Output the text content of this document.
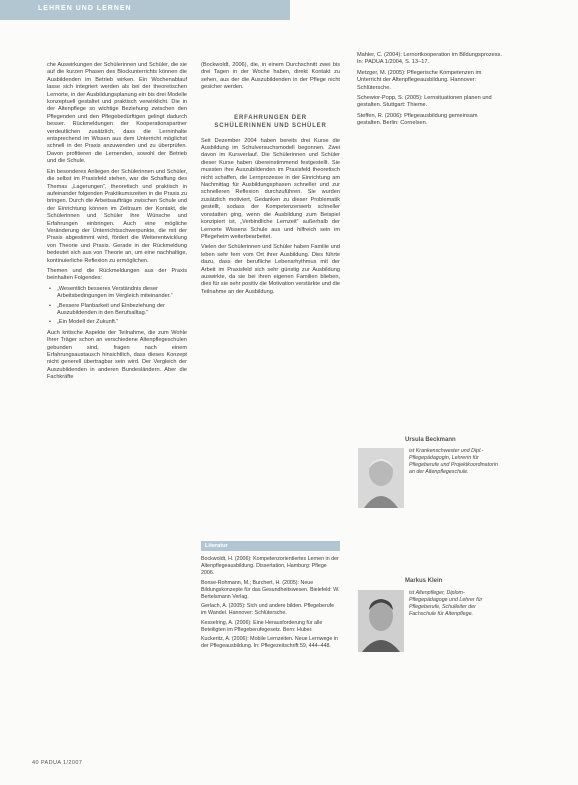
LEHREN UND LERNEN

che Auswirkungen der Schülerinnen und Schüler, die sie auf die kurzen Phasen des Blockunterrichts können die Ausbildenden im Betrieb wirken. Ein Wochenablauf lasse sich integriert werden als bei der theoretischen Lernorte, in der Ausbildungsplanung ein bis drei Modelle konzeptuell gestaltet und praktisch verwirklicht. Die in der Altenpflege so wichtige Beziehung zwischen den Pflegenden und den Pflegebedürftigen gelingt dadurch besser. Rückmeldungen der Kooperationspartner verdeutlichen zusätzlich, dass die Lerninhalte entsprechend im Wissen aus dem Unterricht möglichst schnell in der Praxis anzuwenden und zu überprüfen. Davon profitieren die Lernenden, sowohl der Betrieb und die Schule.

Ein besonderes Anliegen der Schülerinnen und Schüler, die selbst im Praxisfeld stehen, war die Schaffung des Themas „Lagerungen“, theoretisch und praktisch in aufeinander folgenden Praktikumszeiten in die Praxis zu bringen. Durch die Arbeitsaufträge zwischen Schule und der Einrichtung können im Zeitraum der Kontakt, die Schülerinnen und Schüler ihre Wünsche und Erfahrungen einbringen. Auch eine mögliche Veränderung der Unterrichtsschwerpunkte, die mit der Praxis abgestimmt wird, fördert die Weiterentwicklung von Theorie und Praxis. Gerade in der Rückmeldung bedeutet sich aus von Theorie an, um eine nachhaltige, kontinuierliche Reflexion zu ermöglichen.

Themen und die Rückmeldungen aus der Praxis beinhalten Folgendes:

• „Wesentlich besseres Verständnis dieser Arbeitsbedingungen im Vergleich miteinander.“
• „Bessere Planbarkeit und Einbeziehung der Auszubildenden in den Berufsalltag.“
• „Ein Modell der Zukunft.“

Auch kritische Aspekte der Teilnahme, die zum Wohle Ihrer Träger schon an verschiedene Altenpflegeschulen gebunden sind, fragen nach einem Erfahrungsaustausch hinsichtlich, dass dieses Konzept nicht generell übertragbar sein wird. Der Vergleich der Auszubildenden in anderen Bundesländern. Aber die Fachkräfte

(Bockwoldt, 2006), die, in einem Durchschnitt zwei bis drei Tagen in der Woche haben, direkt Kontakt zu sehen, aus der die Auszubildenden in der Pflege nicht gesicher werden.

ERFAHRUNGEN DER
SCHÜLERINNEN UND SCHÜLER

Seit Dezember 2004 haben bereits drei Kurse die Ausbildung im Schulversuchsmodell begonnen. Zwei davon im Kursverlauf. Die Schülerinnen und Schüler dieser Kurse haben übereinstimmend festgestellt. Sie mussten ihre Auszubildenden im Praxisfeld theoretisch nicht schaffen, die Lernprozesse in der Einrichtung am Nachmittag für Ausbildungsphasen schneller und zur schnelleren Reflexion durchzuführen. Sie wurden zusätzlich motiviert, Gedanken zu dieser Problematik gestellt, sodass der Kompetenzerwerb schneller vonstatten ging, wenn die Ausbildung zum Beispiel konzipiert ist, „Verbindliche Lernzeit“ außerhalb der Lernorte Wissens Schule aus und hilfreich sein im Pflegeheim weiterbearbeitet.

Vielen der Schülerinnen und Schüler haben Familie und leben sehr fern vom Ort ihrer Ausbildung. Dies führte dazu, dass der berufliche Lebensrhythmus mit der Arbeit im Praxisfeld sich sehr günstig zur Ausbildung auswirkte, da sie bei ihren eigenen Familien blieben, dies für sie sehr positiv die Motivation verstärkte und die Teilnahme an der Ausbildung.

Literatur

Bockwoldt, H. (2006): Kompetenzorientiertes Lernen in der Altenpflegeausbildung. Dissertation, Hamburg: Pflege 2006.

Bonse-Rohmann, M.; Burchert, H. (2005): Neue Bildungskonzepte für das Gesundheitswesen. Bielefeld: W. Bertelsmann Verlag.

Gerlach, A. (2005): Sich und andere bilden. Pflegeberufe im Wandel. Hannover: Schlütersche.

Kesselring, A. (2006): Eine Herausforderung für alle Beteiligten im Pflegeberufegesetz. Bern: Huber.

Kuckeritz, A. (2006): Mobile Lernzeiten. Neue Lernwege in der Pflegeausbildung. In: Pflegezeitschrift 59, 444–448.

Mahler, C. (2004): Lernortkooperation im Bildungsprozess. In: PADUA 1/2004, S. 13–17.

Metzger, M. (2005): Pflegerische Kompetenzen im Unterricht der Altenpflegeausbildung. Hannover: Schlütersche.

Schewior-Popp, S. (2005): Lernsituationen planen und gestalten. Stuttgart: Thieme.

Steffen, R. (2006): Pflegeausbildung gemeinsam gestalten. Berlin: Cornelsen.

Ursula Beckmann
ist Krankenschwester und Dipl.-Pflegepädagogin, Lehrerin für Pflegeberufe und Projektkoordinatorin an der Altenpflegeschule.
Markus Klein
ist Altenpfleger, Diplom-Pflegepädagoge und Lehrer für Pflegeberufe, Schulleiter der Fachschule für Altenpflege.
40 PADUA 1/2007
